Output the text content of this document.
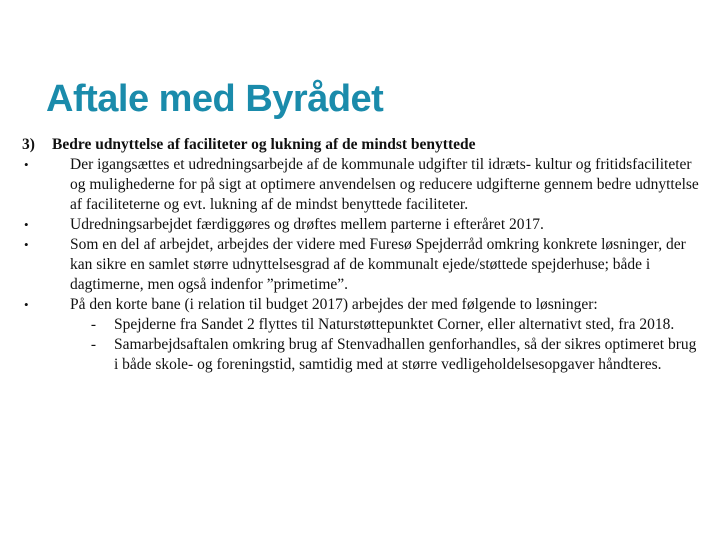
Aftale med Byrådet
3)	Bedre udnyttelse af faciliteter og lukning af de mindst benyttede
•	Der igangsættes et udredningsarbejde af de kommunale udgifter til idræts- kultur og fritidsfaciliteter og mulighederne for på sigt at optimere anvendelsen og reducere udgifterne gennem bedre udnyttelse af faciliteterne og evt. lukning af de mindst benyttede faciliteter.
•	Udredningsarbejdet færdiggøres og drøftes mellem parterne i efteråret 2017.
•	Som en del af arbejdet, arbejdes der videre med Furesø Spejderråd omkring konkrete løsninger, der kan sikre en samlet større udnyttelsesgrad af de kommunalt ejede/støttede spejderhuse; både i dagtimerne, men også indenfor ”primetime”.
•	På den korte bane (i relation til budget 2017) arbejdes der med følgende to løsninger:
-	Spejderne fra Sandet 2 flyttes til Naturstøttepunktet Corner, eller alternativt sted, fra 2018.
-	Samarbejdsaftalen omkring brug af Stenvadhallen genforhandles, så der sikres optimeret brug i både skole- og foreningstid, samtidig med at større vedligeholdelsesopgaver håndteres.
